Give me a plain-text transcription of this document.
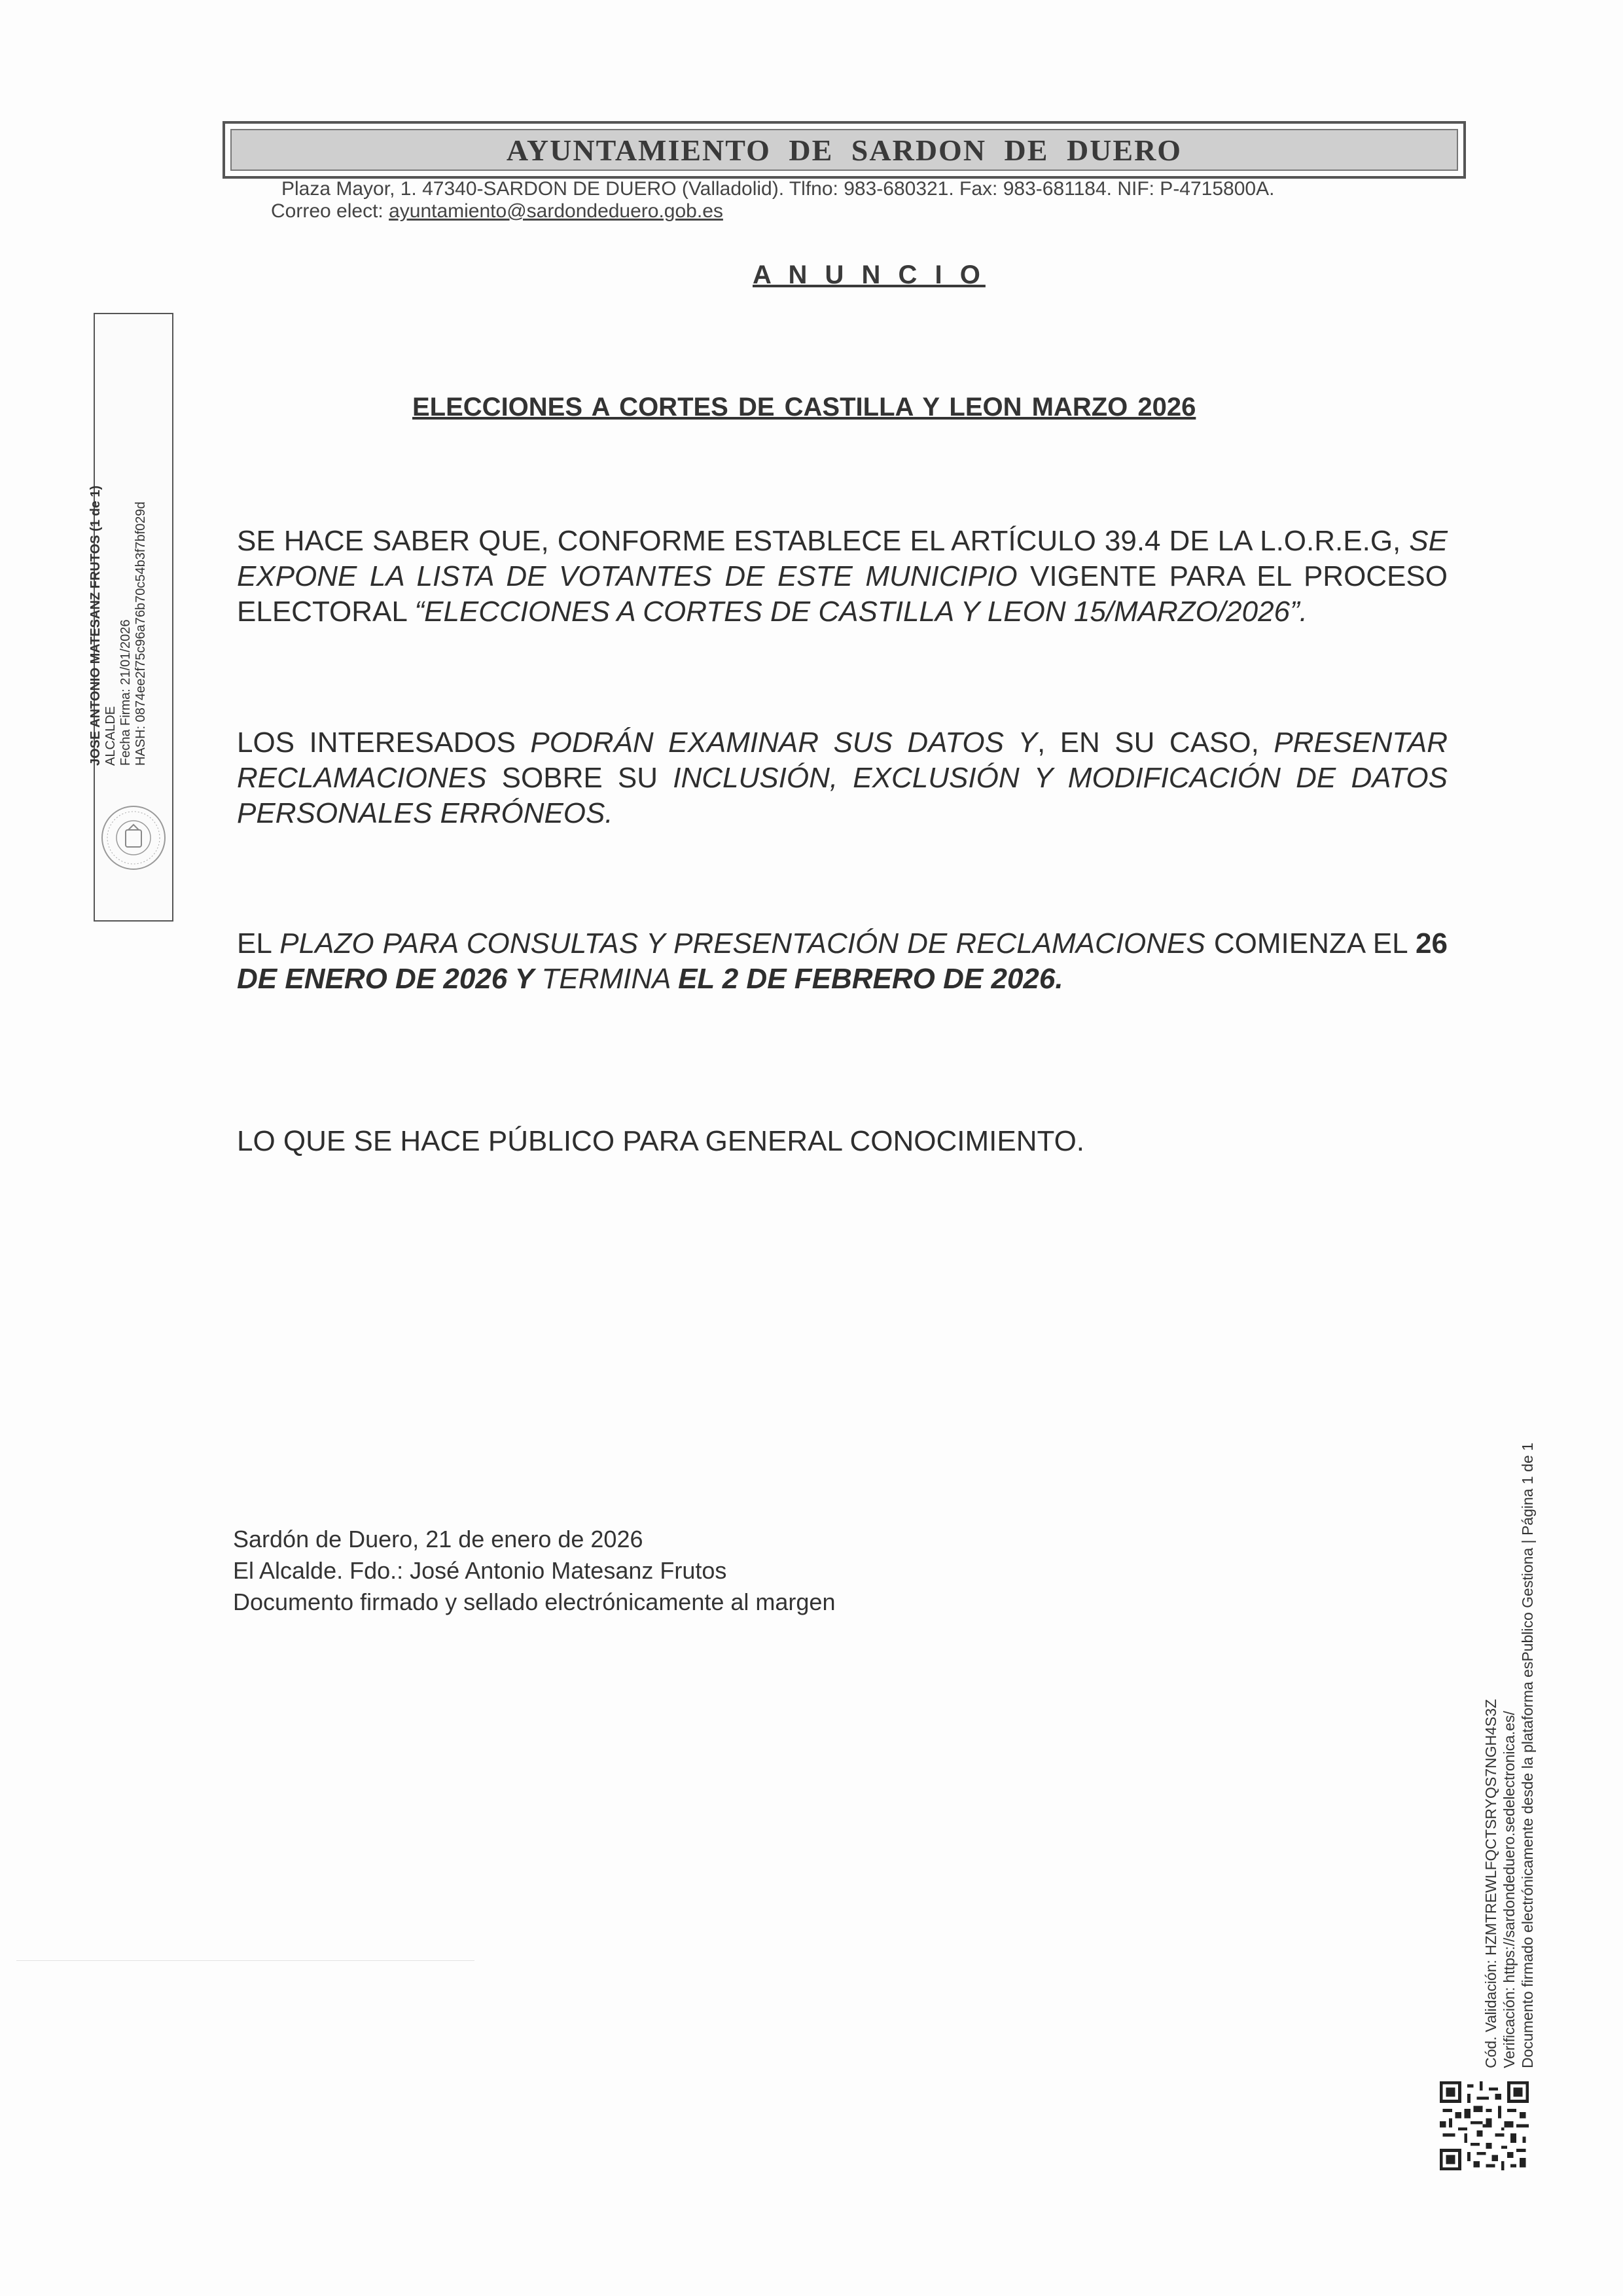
AYUNTAMIENTO DE SARDON DE DUERO
Plaza Mayor, 1. 47340-SARDON DE DUERO (Valladolid). Tlfno: 983-680321. Fax: 983-681184. NIF: P-4715800A.
Correo elect: ayuntamiento@sardondeduero.gob.es
A N U N C I O
ELECCIONES A CORTES DE CASTILLA Y LEON MARZO 2026
SE HACE SABER QUE, CONFORME ESTABLECE EL ARTÍCULO 39.4 DE LA L.O.R.E.G, SE EXPONE LA LISTA DE VOTANTES DE ESTE MUNICIPIO VIGENTE PARA EL PROCESO ELECTORAL “ELECCIONES A CORTES DE CASTILLA Y LEON 15/MARZO/2026”.
LOS INTERESADOS PODRÁN EXAMINAR SUS DATOS Y, EN SU CASO, PRESENTAR RECLAMACIONES SOBRE SU INCLUSIÓN, EXCLUSIÓN Y MODIFICACIÓN DE DATOS PERSONALES ERRÓNEOS.
EL PLAZO PARA CONSULTAS Y PRESENTACIÓN DE RECLAMACIONES COMIENZA EL 26 DE ENERO DE 2026 Y TERMINA EL 2 DE FEBRERO DE 2026.
LO QUE SE HACE PÚBLICO PARA GENERAL CONOCIMIENTO.
Sardón de Duero, 21 de enero de 2026
El Alcalde. Fdo.: José Antonio Matesanz Frutos
Documento firmado y sellado electrónicamente al margen
JOSE ANTONIO MATESANZ FRUTOS (1 de 1) ALCALDE Fecha Firma: 21/01/2026 HASH: 0874ee2f75c96a76b70c54b3f7bf029d
Cód. Validación: HZMTREWLFQCTSRYQS7NGH4S3Z Verificación: https://sardondeduero.sedelectronica.es/ Documento firmado electrónicamente desde la plataforma esPublico Gestiona | Página 1 de 1
